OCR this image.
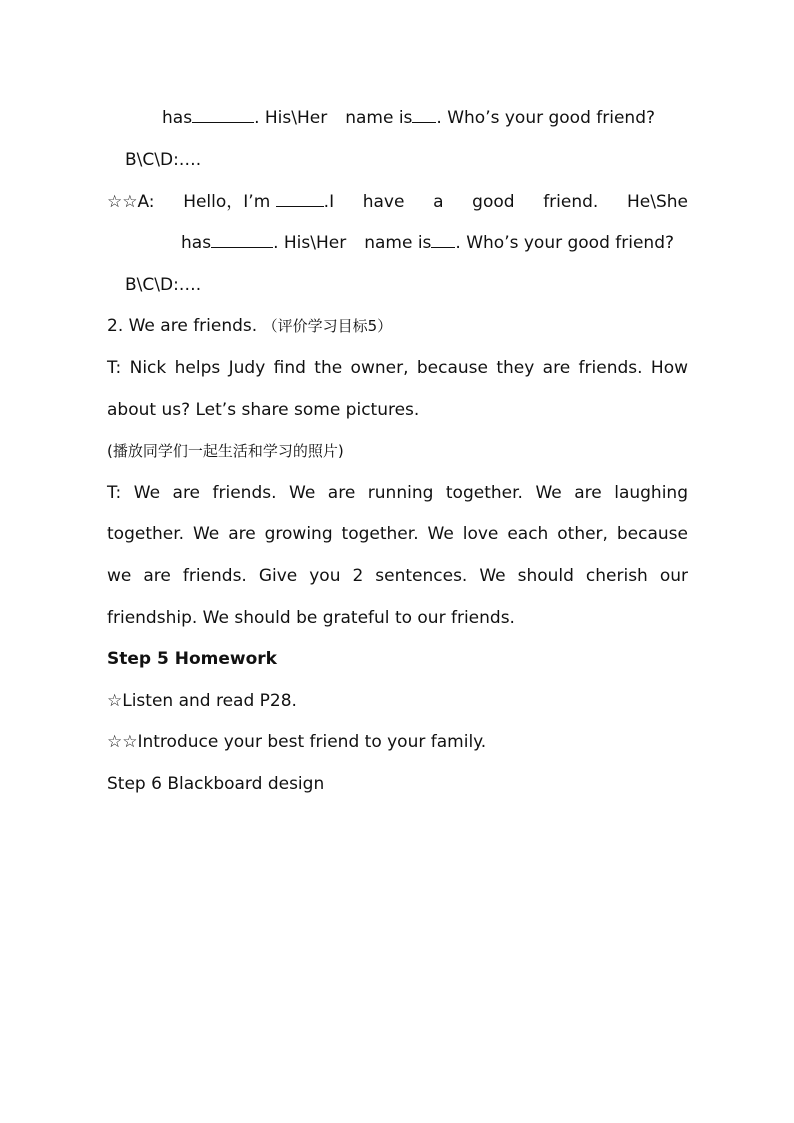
has	. His\Her name is . Who’s your good friend?
B\C\D:….
☆☆A: Hello，I’m	.I have a good friend. He\She
has	. His\Her name is . Who’s your good friend?
B\C\D:….
2. We are friends. （评价学习目标5）
T: Nick helps Judy find the owner, because they are friends. How
about us? Let’s share some pictures.
(播放同学们一起生活和学习的照片)
T: We are friends. We are running together. We are laughing
together. We are growing together. We love each other, because
we are friends. Give you 2 sentences. We should cherish our
friendship. We should be grateful to our friends.
Step 5 Homework
☆Listen and read P28.
☆☆Introduce your best friend to your family.
Step 6 Blackboard design
